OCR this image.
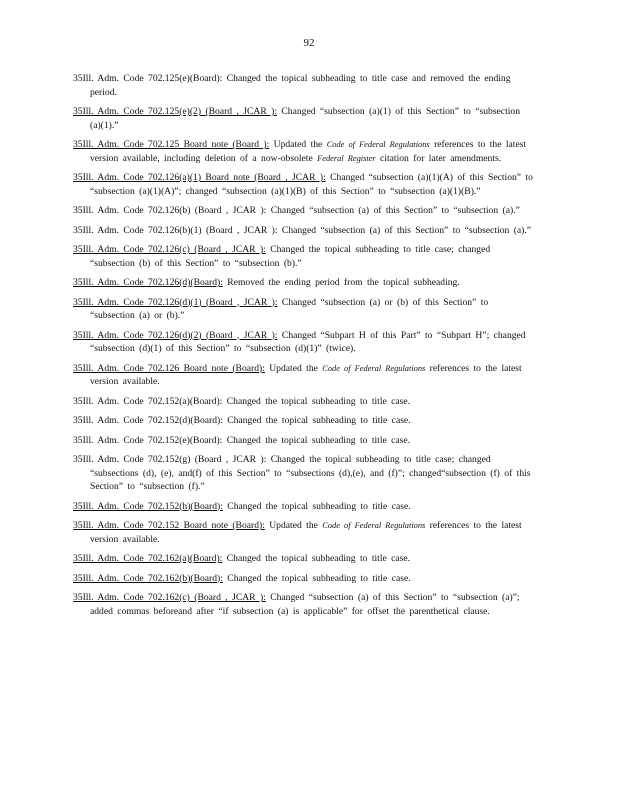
92

35Ill. Adm. Code 702.125(e)(Board): Changed the topical subheading to title case and removed the ending period.

35Ill. Adm. Code 702.125(e)(2) (Board , JCAR ): Changed “subsection (a)(1) of this Section” to “subsection (a)(1).”

35Ill. Adm. Code 702.125 Board note (Board ): Updated the Code of Federal Regulations references to the latest version available, including deletion of a now-obsolete Federal Register citation for later amendments.

35Ill. Adm. Code 702.126(a)(1) Board note (Board , JCAR ): Changed “subsection (a)(1)(A) of this Section” to “subsection (a)(1)(A)”; changed “subsection (a)(1)(B) of this Section” to “subsection (a)(1)(B).”

35Ill. Adm. Code 702.126(b) (Board , JCAR ): Changed “subsection (a) of this Section” to “subsection (a).”

35Ill. Adm. Code 702.126(b)(1) (Board , JCAR ): Changed “subsection (a) of this Section” to “subsection (a).”

35Ill. Adm. Code 702.126(c) (Board , JCAR ): Changed the topical subheading to title case; changed “subsection (b) of this Section” to “subsection (b).”

35Ill. Adm. Code 702.126(d)(Board): Removed the ending period from the topical subheading.

35Ill. Adm. Code 702.126(d)(1) (Board , JCAR ): Changed “subsection (a) or (b) of this Section” to “subsection (a) or (b).”

35Ill. Adm. Code 702.126(d)(2) (Board , JCAR ): Changed “Subpart H of this Part” to “Subpart H”; changed “subsection (d)(1) of this Section” to “subsection (d)(1)” (twice).

35Ill. Adm. Code 702.126 Board note (Board): Updated the Code of Federal Regulations references to the latest version available.

35Ill. Adm. Code 702.152(a)(Board): Changed the topical subheading to title case.

35Ill. Adm. Code 702.152(d)(Board): Changed the topical subheading to title case.

35Ill. Adm. Code 702.152(e)(Board): Changed the topical subheading to title case.

35Ill. Adm. Code 702.152(g) (Board , JCAR ): Changed the topical subheading to title case; changed “subsections (d), (e), and(f) of this Section” to “subsections (d),(e), and (f)”; changed“subsection (f) of this Section” to “subsection (f).”

35Ill. Adm. Code 702.152(h)(Board): Changed the topical subheading to title case.

35Ill. Adm. Code 702.152 Board note (Board): Updated the Code of Federal Regulations references to the latest version available.

35Ill. Adm. Code 702.162(a)(Board): Changed the topical subheading to title case.

35Ill. Adm. Code 702.162(b)(Board): Changed the topical subheading to title case.

35Ill. Adm. Code 702.162(c) (Board , JCAR ): Changed “subsection (a) of this Section” to “subsection (a)”; added commas beforeand after “if subsection (a) is applicable” for offset the parenthetical clause.
